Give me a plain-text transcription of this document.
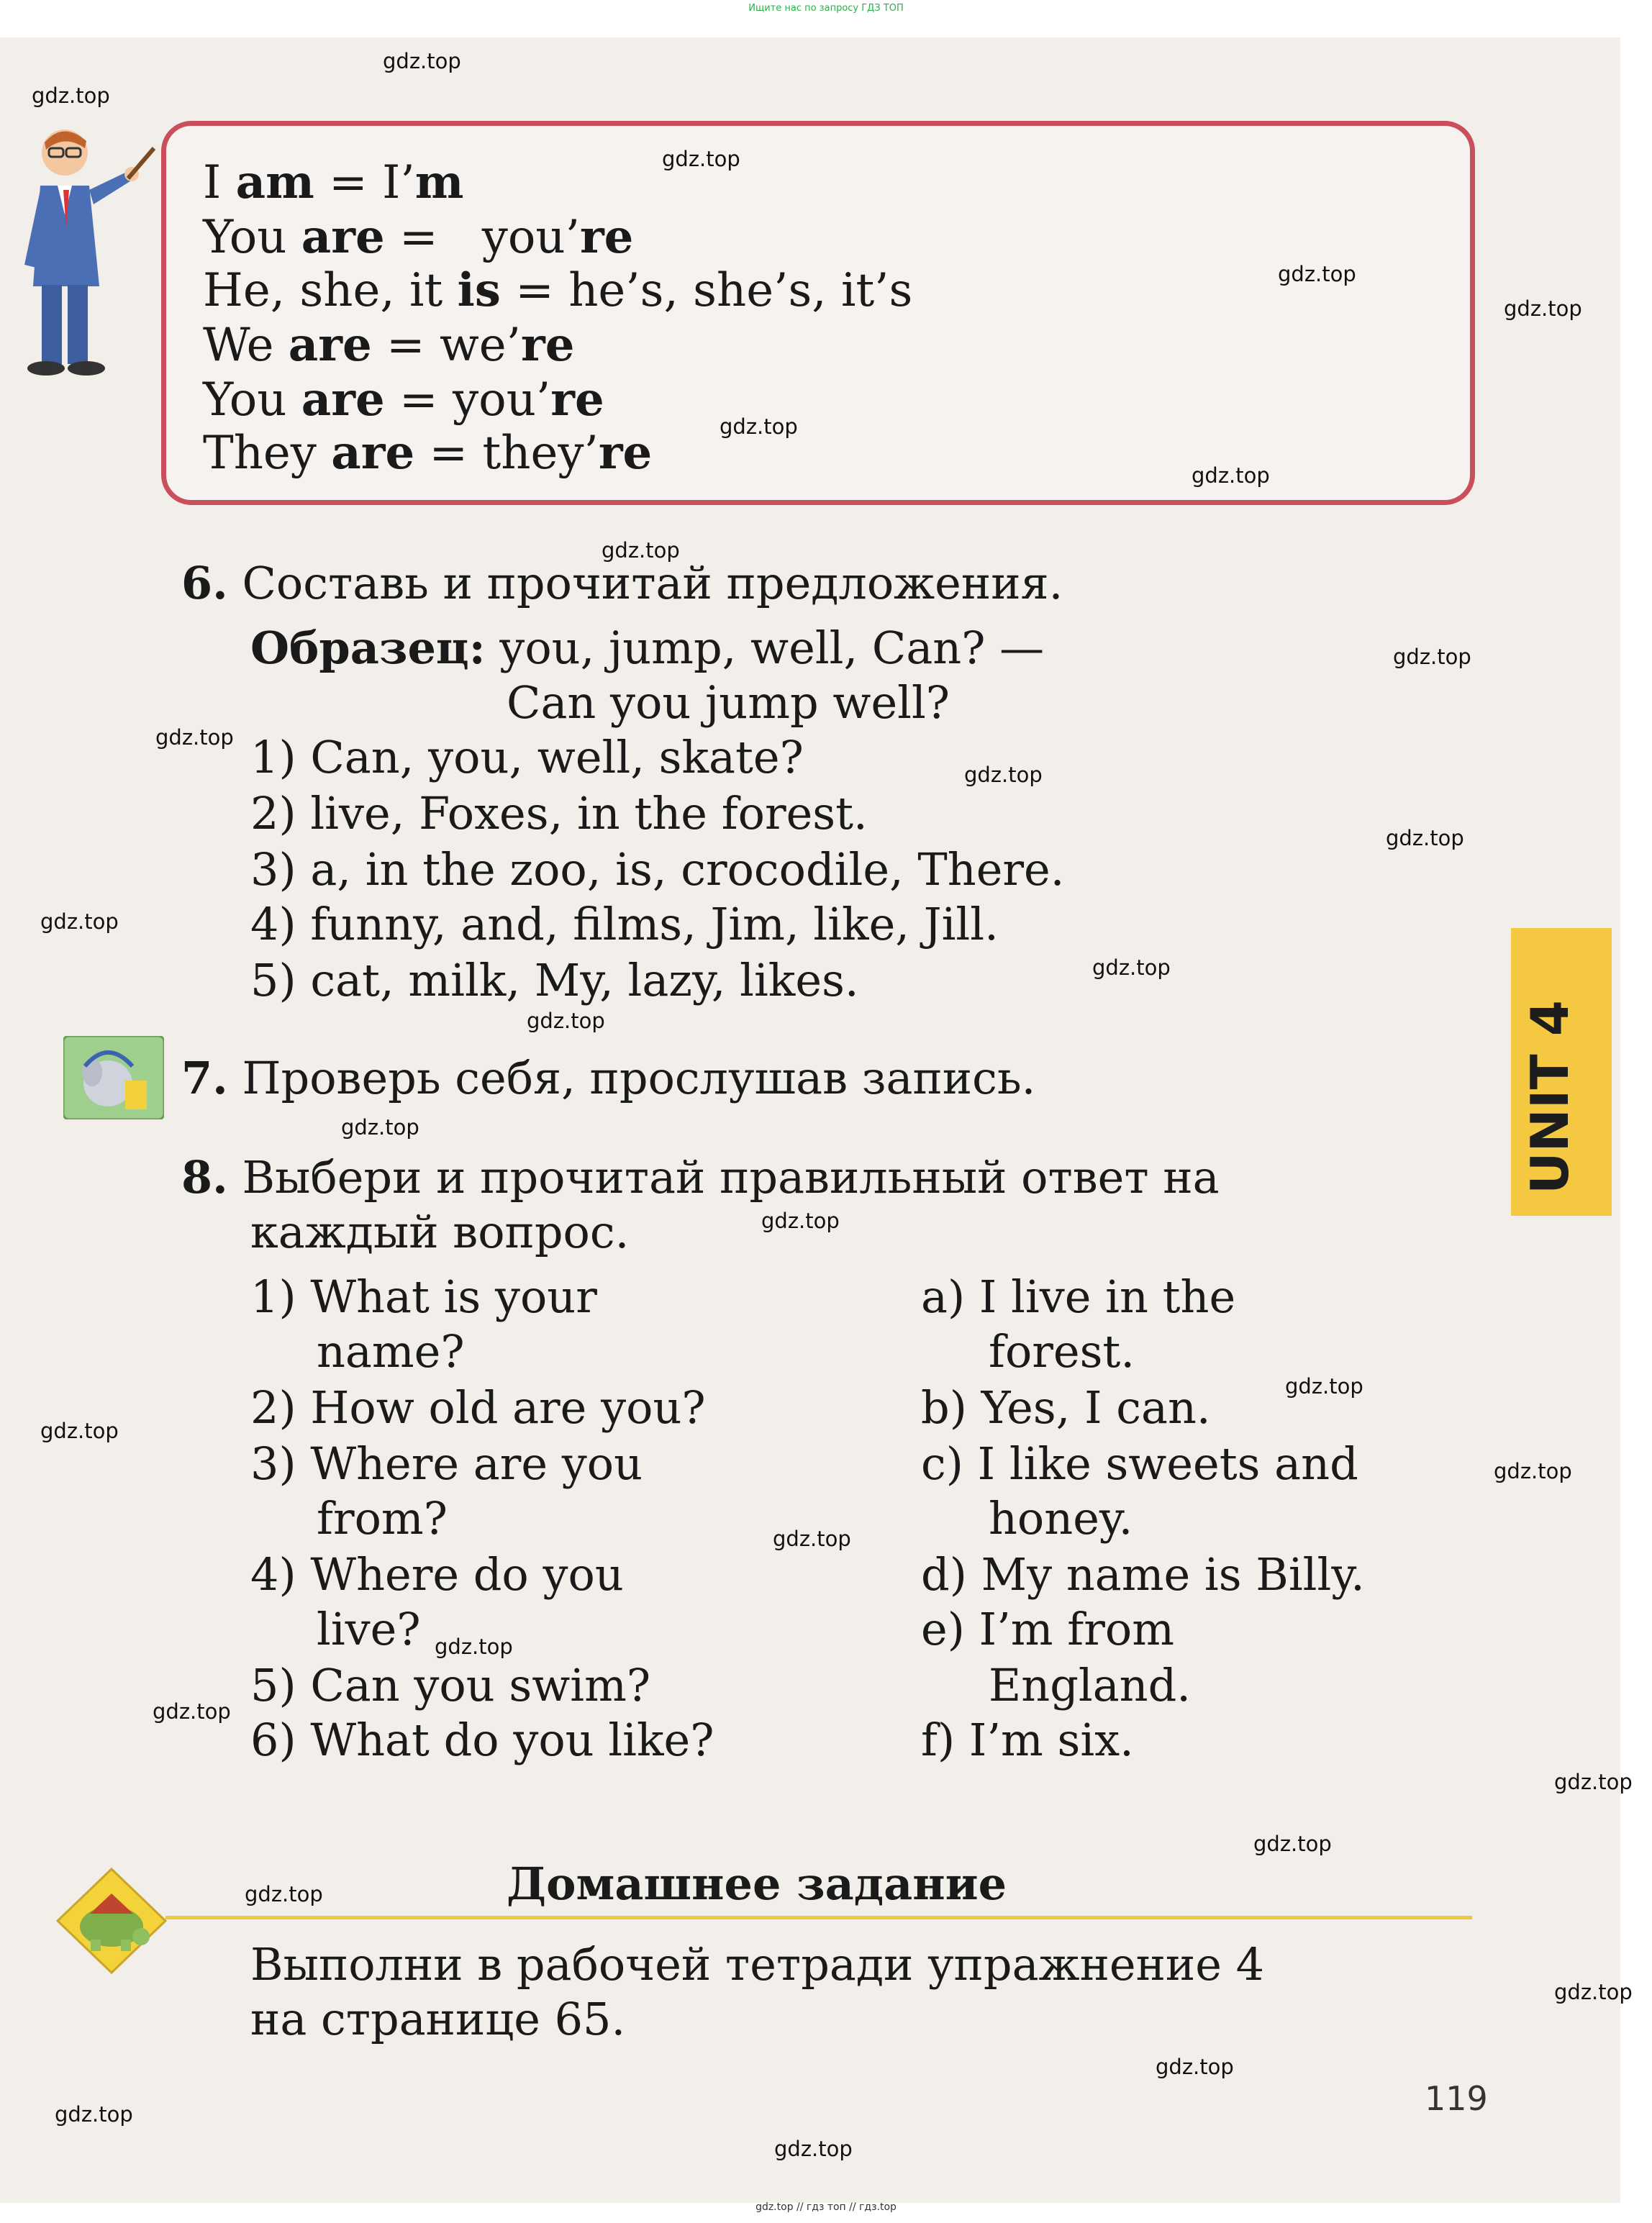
Ищите нас по запросу ГДЗ ТОП
I am = I’m
You are =   you’re
He, she, it is = he’s, she’s, it’s
We are = we’re
You are = you’re
They are = they’re
6. Составь и прочитай предложения.
Образец: you, jump, well, Can? —
Can you jump well?
1) Can, you, well, skate?
2) live, Foxes, in the forest.
3) a, in the zoo, is, crocodile, There.
4) funny, and, films, Jim, like, Jill.
5) cat, milk, My, lazy, likes.
7. Проверь себя, прослушав запись.
8. Выбери и прочитай правильный ответ на
каждый вопрос.
1) What is your
name?
2) How old are you?
3) Where are you
from?
4) Where do you
live?
5) Can you swim?
6) What do you like?
a) I live in the
forest.
b) Yes, I can.
c) I like sweets and
honey.
d) My name is Billy.
e) I’m from
England.
f) I’m six.
Домашнее задание
Выполни в рабочей тетради упражнение 4
на странице 65.
UNIT 4
119
gdz.top
gdz.top
gdz.top
gdz.top
gdz.top
gdz.top
gdz.top
gdz.top
gdz.top
gdz.top
gdz.top
gdz.top
gdz.top
gdz.top
gdz.top
gdz.top
gdz.top
gdz.top
gdz.top
gdz.top
gdz.top
gdz.top
gdz.top
gdz.top
gdz.top
gdz.top
gdz.top
gdz.top
gdz.top
gdz.top
gdz.top // гдз топ // гдз.top
